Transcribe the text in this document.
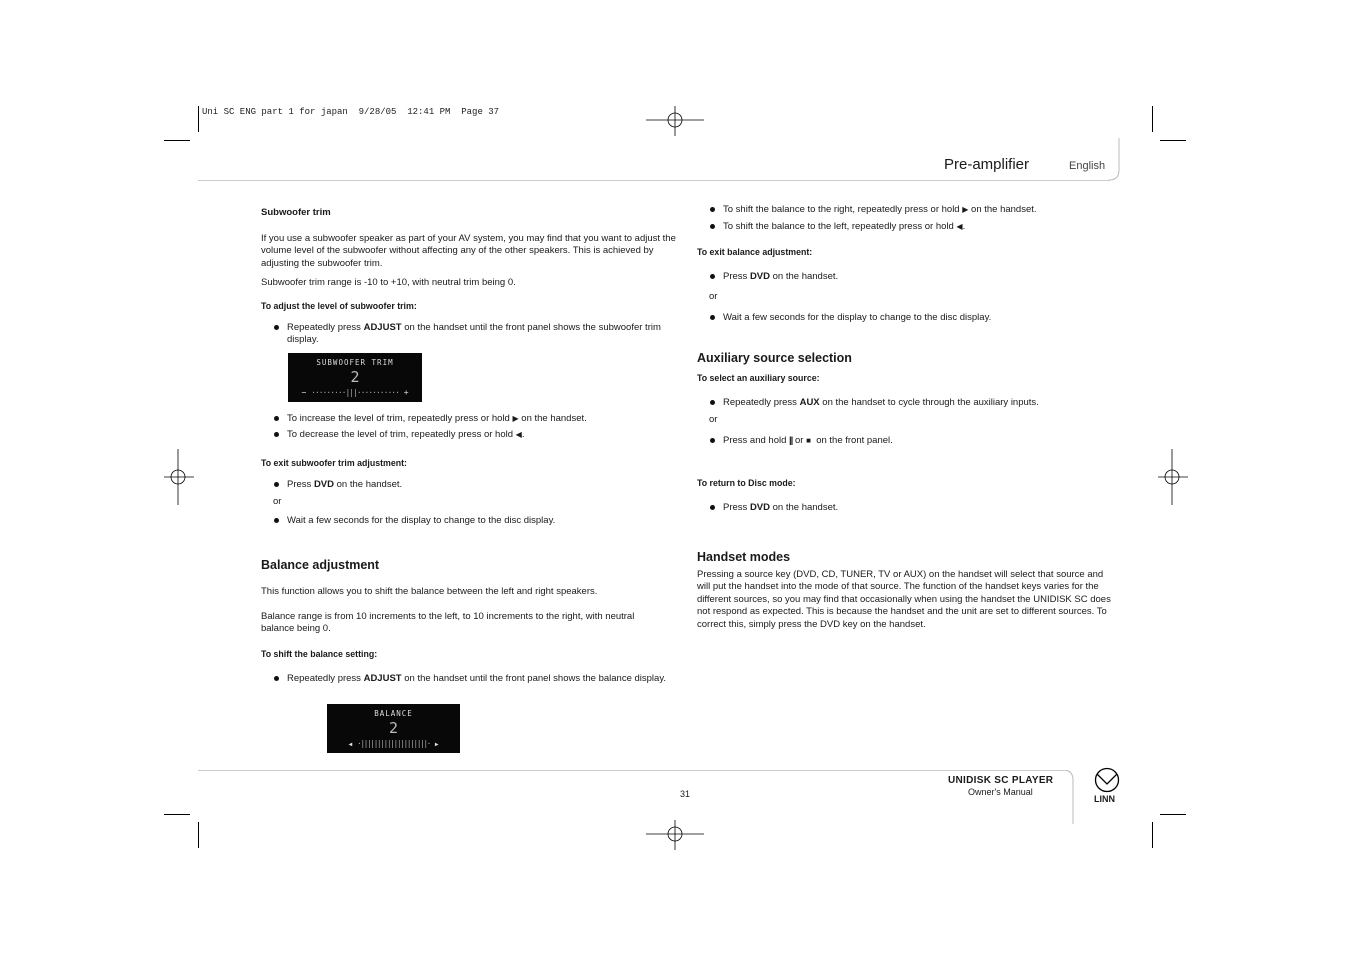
Uni SC ENG part 1 for japan  9/28/05  12:41 PM  Page 37
Pre-amplifier	English
Subwoofer trim
If you use a subwoofer speaker as part of your AV system, you may find that you want to adjust the volume level of the subwoofer without affecting any of the other speakers. This is achieved by adjusting the subwoofer trim.
Subwoofer trim range is -10 to +10, with neutral trim being 0.
To adjust the level of subwoofer trim:
Repeatedly press ADJUST on the handset until the front panel shows the subwoofer trim display.
SUBWOOFER TRIM
2
− ·········|||··········· +
To increase the level of trim, repeatedly press or hold ▶ on the handset.
To decrease the level of trim, repeatedly press or hold ◀.
To exit subwoofer trim adjustment:
Press DVD on the handset.
or
Wait a few seconds for the display to change to the disc display.
Balance adjustment
This function allows you to shift the balance between the left and right speakers.
Balance range is from 10 increments to the left, to 10 increments to the right, with neutral balance being 0.
To shift the balance setting:
Repeatedly press ADJUST on the handset until the front panel shows the balance display.
BALANCE
2
◀ ·||||||||||||||||||||· ▶
To shift the balance to the right, repeatedly press or hold ▶ on the handset.
To shift the balance to the left, repeatedly press or hold ◀.
To exit balance adjustment:
Press DVD on the handset.
or
Wait a few seconds for the display to change to the disc display.
Auxiliary source selection
To select an auxiliary source:
Repeatedly press AUX on the handset to cycle through the auxiliary inputs.
or
Press and hold || or ■ on the front panel.
To return to Disc mode:
Press DVD on the handset.
Handset modes
Pressing a source key (DVD, CD, TUNER, TV or AUX) on the handset will select that source and will put the handset into the mode of that source. The function of the handset keys varies for the different sources, so you may find that occasionally when using the handset the UNIDISK SC does not respond as expected. This is because the handset and the unit are set to different sources. To correct this, simply press the DVD key on the handset.
31
UNIDISK SC PLAYER
Owner's Manual
LINN
